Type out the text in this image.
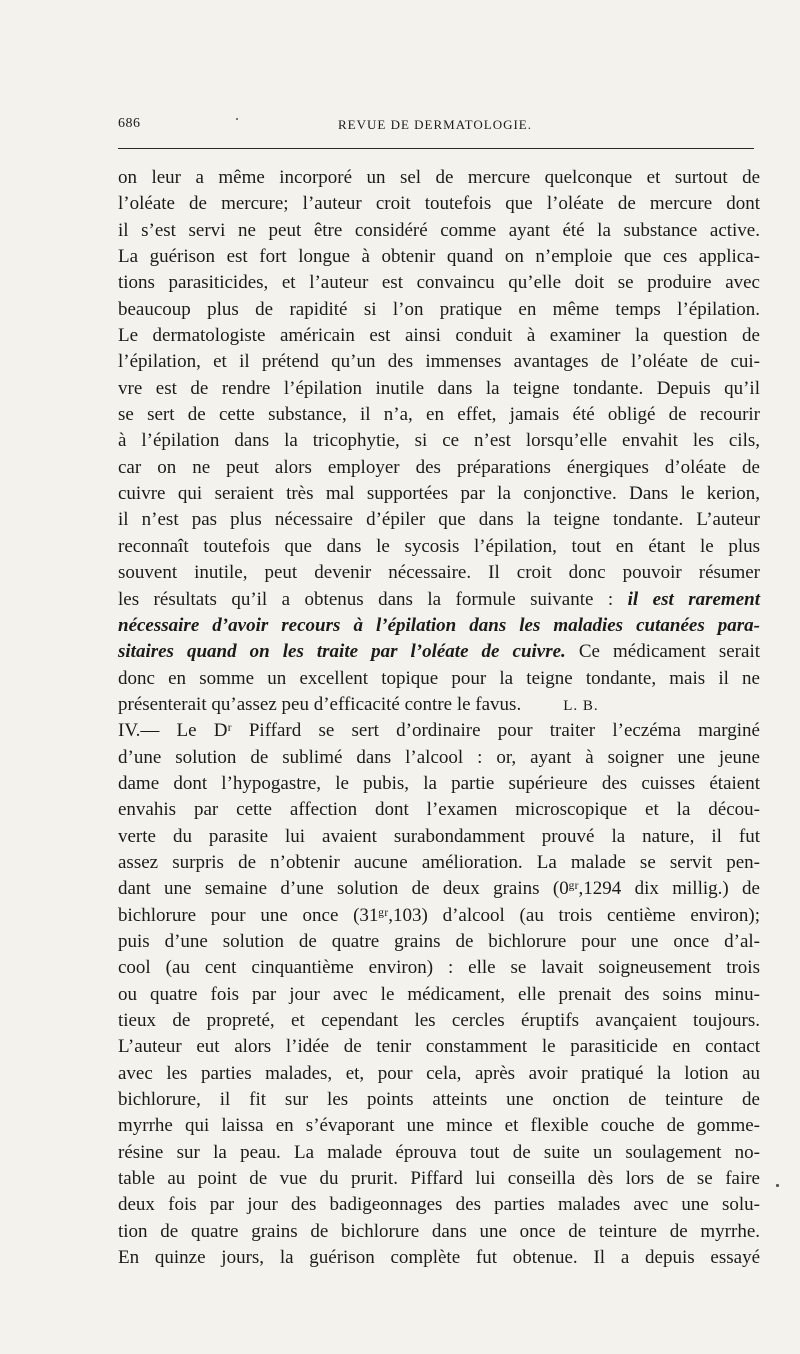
686	REVUE DE DERMATOLOGIE.
on leur a même incorporé un sel de mercure quelconque et surtout de
l’oléate de mercure; l’auteur croit toutefois que l’oléate de mercure dont
il s’est servi ne peut être considéré comme ayant été la substance active.
La guérison est fort longue à obtenir quand on n’emploie que ces applica-
tions parasiticides, et l’auteur est convaincu qu’elle doit se produire avec
beaucoup plus de rapidité si l’on pratique en même temps l’épilation.
Le dermatologiste américain est ainsi conduit à examiner la question de
l’épilation, et il prétend qu’un des immenses avantages de l’oléate de cui-
vre est de rendre l’épilation inutile dans la teigne tondante. Depuis qu’il
se sert de cette substance, il n’a, en effet, jamais été obligé de recourir
à l’épilation dans la tricophytie, si ce n’est lorsqu’elle envahit les cils,
car on ne peut alors employer des préparations énergiques d’oléate de
cuivre qui seraient très mal supportées par la conjonctive. Dans le kerion,
il n’est pas plus nécessaire d’épiler que dans la teigne tondante. L’auteur
reconnaît toutefois que dans le sycosis l’épilation, tout en étant le plus
souvent inutile, peut devenir nécessaire. Il croit donc pouvoir résumer
les résultats qu’il a obtenus dans la formule suivante : il est rarement
nécessaire d’avoir recours à l’épilation dans les maladies cutanées para-
sitaires quand on les traite par l’oléate de cuivre. Ce médicament serait
donc en somme un excellent topique pour la teigne tondante, mais il ne
présenterait qu’assez peu d’efficacité contre le favus.	L. B.
IV.— Le Dʳ Piffard se sert d’ordinaire pour traiter l’eczéma marginé
d’une solution de sublimé dans l’alcool : or, ayant à soigner une jeune
dame dont l’hypogastre, le pubis, la partie supérieure des cuisses étaient
envahis par cette affection dont l’examen microscopique et la décou-
verte du parasite lui avaient surabondamment prouvé la nature, il fut
assez surpris de n’obtenir aucune amélioration. La malade se servit pen-
dant une semaine d’une solution de deux grains (0ᵍʳ,1294 dix millig.) de
bichlorure pour une once (31ᵍʳ,103) d’alcool (au trois centième environ);
puis d’une solution de quatre grains de bichlorure pour une once d’al-
cool (au cent cinquantième environ) : elle se lavait soigneusement trois
ou quatre fois par jour avec le médicament, elle prenait des soins minu-
tieux de propreté, et cependant les cercles éruptifs avançaient toujours.
L’auteur eut alors l’idée de tenir constamment le parasiticide en contact
avec les parties malades, et, pour cela, après avoir pratiqué la lotion au
bichlorure, il fit sur les points atteints une onction de teinture de
myrrhe qui laissa en s’évaporant une mince et flexible couche de gomme-
résine sur la peau. La malade éprouva tout de suite un soulagement no-
table au point de vue du prurit. Piffard lui conseilla dès lors de se faire
deux fois par jour des badigeonnages des parties malades avec une solu-
tion de quatre grains de bichlorure dans une once de teinture de myrrhe.
En quinze jours, la guérison complète fut obtenue. Il a depuis essayé
